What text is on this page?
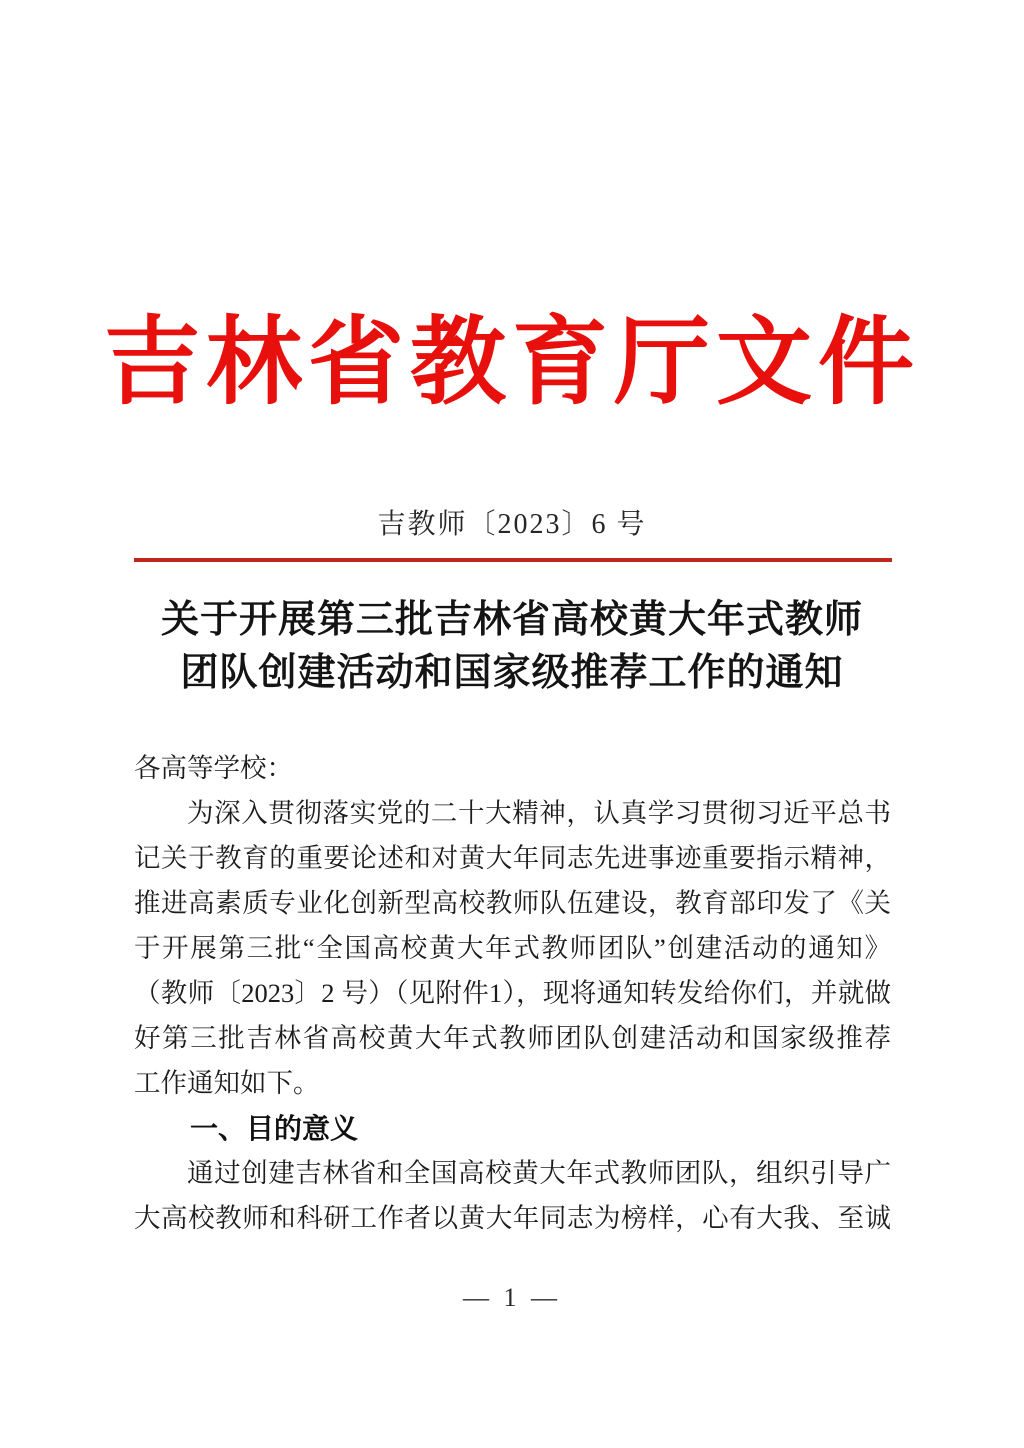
吉林省教育厅文件
吉教师〔2023〕6 号
关于开展第三批吉林省高校黄大年式教师
团队创建活动和国家级推荐工作的通知
各高等学校：
为深入贯彻落实党的二十大精神，认真学习贯彻习近平总书
记关于教育的重要论述和对黄大年同志先进事迹重要指示精神，
推进高素质专业化创新型高校教师队伍建设，教育部印发了《关
于开展第三批“全国高校黄大年式教师团队”创建活动的通知》
（教师〔2023〕2 号）（见附件1），现将通知转发给你们，并就做
好第三批吉林省高校黄大年式教师团队创建活动和国家级推荐
工作通知如下。
一、目的意义
通过创建吉林省和全国高校黄大年式教师团队，组织引导广
大高校教师和科研工作者以黄大年同志为榜样，心有大我、至诚
— 1 —
